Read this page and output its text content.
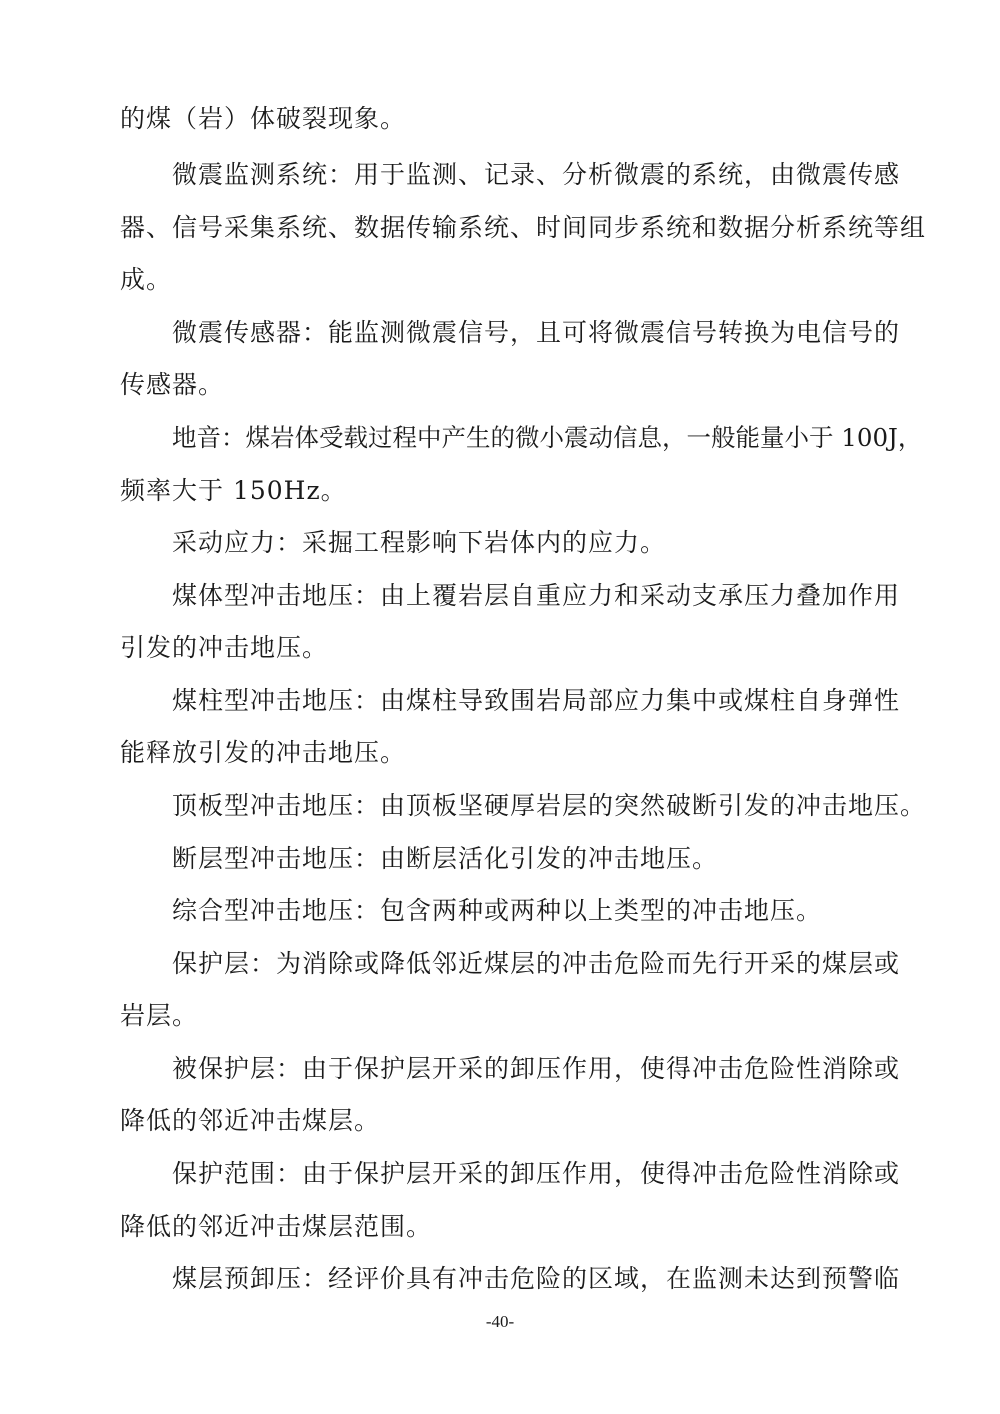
的煤（岩）体破裂现象。
微震监测系统：用于监测、记录、分析微震的系统，由微震传感
器、信号采集系统、数据传输系统、时间同步系统和数据分析系统等组
成。
微震传感器：能监测微震信号，且可将微震信号转换为电信号的
传感器。
地音：煤岩体受载过程中产生的微小震动信息，一般能量小于 100J，
频率大于 150Hz。
采动应力：采掘工程影响下岩体内的应力。
煤体型冲击地压：由上覆岩层自重应力和采动支承压力叠加作用
引发的冲击地压。
煤柱型冲击地压：由煤柱导致围岩局部应力集中或煤柱自身弹性
能释放引发的冲击地压。
顶板型冲击地压：由顶板坚硬厚岩层的突然破断引发的冲击地压。
断层型冲击地压：由断层活化引发的冲击地压。
综合型冲击地压：包含两种或两种以上类型的冲击地压。
保护层：为消除或降低邻近煤层的冲击危险而先行开采的煤层或
岩层。
被保护层：由于保护层开采的卸压作用，使得冲击危险性消除或
降低的邻近冲击煤层。
保护范围：由于保护层开采的卸压作用，使得冲击危险性消除或
降低的邻近冲击煤层范围。
煤层预卸压：经评价具有冲击危险的区域，在监测未达到预警临
-40-
